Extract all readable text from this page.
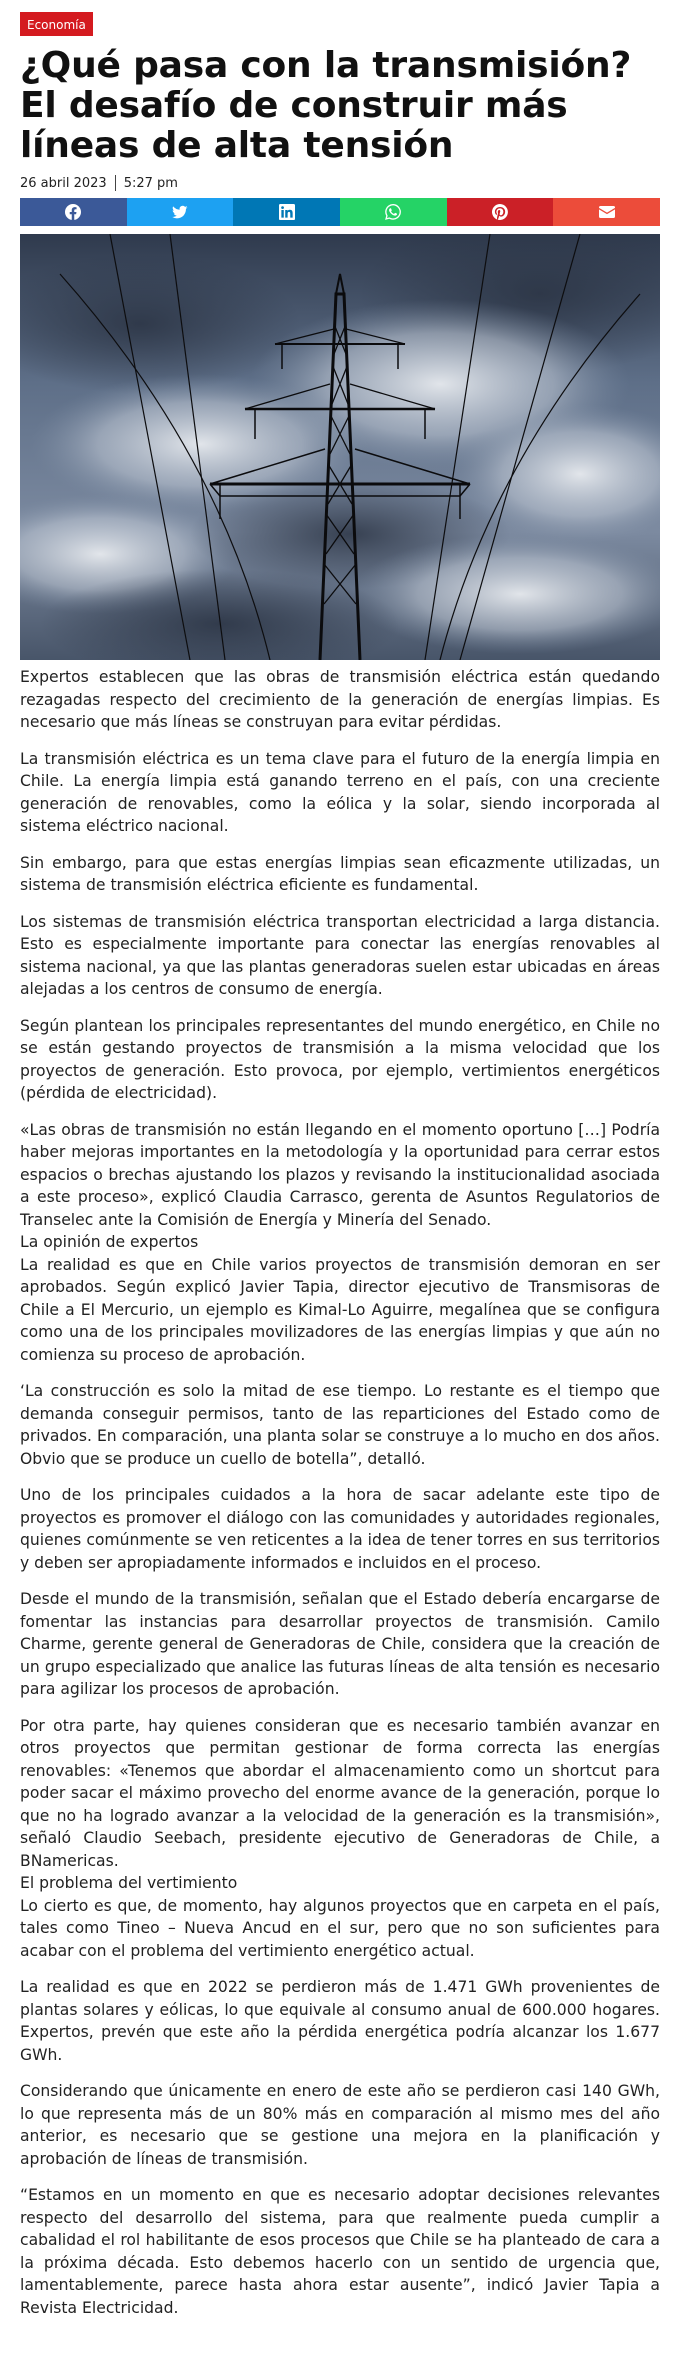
Economía
¿Qué pasa con la transmisión? El desafío de construir más líneas de alta tensión
26 abril 2023 5:27 pm

Expertos establecen que las obras de transmisión eléctrica están quedando rezagadas respecto del crecimiento de la generación de energías limpias. Es necesario que más líneas se construyan para evitar pérdidas.

La transmisión eléctrica es un tema clave para el futuro de la energía limpia en Chile. La energía limpia está ganando terreno en el país, con una creciente generación de renovables, como la eólica y la solar, siendo incorporada al sistema eléctrico nacional.

Sin embargo, para que estas energías limpias sean eficazmente utilizadas, un sistema de transmisión eléctrica eficiente es fundamental.

Los sistemas de transmisión eléctrica transportan electricidad a larga distancia. Esto es especialmente importante para conectar las energías renovables al sistema nacional, ya que las plantas generadoras suelen estar ubicadas en áreas alejadas a los centros de consumo de energía.

Según plantean los principales representantes del mundo energético, en Chile no se están gestando proyectos de transmisión a la misma velocidad que los proyectos de generación. Esto provoca, por ejemplo, vertimientos energéticos (pérdida de electricidad).

«Las obras de transmisión no están llegando en el momento oportuno […] Podría haber mejoras importantes en la metodología y la oportunidad para cerrar estos espacios o brechas ajustando los plazos y revisando la institucionalidad asociada a este proceso», explicó Claudia Carrasco, gerenta de Asuntos Regulatorios de Transelec ante la Comisión de Energía y Minería del Senado.

La opinión de expertos

La realidad es que en Chile varios proyectos de transmisión demoran en ser aprobados. Según explicó Javier Tapia, director ejecutivo de Transmisoras de Chile a El Mercurio, un ejemplo es Kimal-Lo Aguirre, megalínea que se configura como una de los principales movilizadores de las energías limpias y que aún no comienza su proceso de aprobación.

‘La construcción es solo la mitad de ese tiempo. Lo restante es el tiempo que demanda conseguir permisos, tanto de las reparticiones del Estado como de privados. En comparación, una planta solar se construye a lo mucho en dos años. Obvio que se produce un cuello de botella”, detalló.

Uno de los principales cuidados a la hora de sacar adelante este tipo de proyectos es promover el diálogo con las comunidades y autoridades regionales, quienes comúnmente se ven reticentes a la idea de tener torres en sus territorios y deben ser apropiadamente informados e incluidos en el proceso.

Desde el mundo de la transmisión, señalan que el Estado debería encargarse de fomentar las instancias para desarrollar proyectos de transmisión. Camilo Charme, gerente general de Generadoras de Chile, considera que la creación de un grupo especializado que analice las futuras líneas de alta tensión es necesario para agilizar los procesos de aprobación.

Por otra parte, hay quienes consideran que es necesario también avanzar en otros proyectos que permitan gestionar de forma correcta las energías renovables: «Tenemos que abordar el almacenamiento como un shortcut para poder sacar el máximo provecho del enorme avance de la generación, porque lo que no ha logrado avanzar a la velocidad de la generación es la transmisión», señaló Claudio Seebach, presidente ejecutivo de Generadoras de Chile, a BNamericas.

El problema del vertimiento

Lo cierto es que, de momento, hay algunos proyectos que en carpeta en el país, tales como Tineo – Nueva Ancud en el sur, pero que no son suficientes para acabar con el problema del vertimiento energético actual.

La realidad es que en 2022 se perdieron más de 1.471 GWh provenientes de plantas solares y eólicas, lo que equivale al consumo anual de 600.000 hogares. Expertos, prevén que este año la pérdida energética podría alcanzar los 1.677 GWh.

Considerando que únicamente en enero de este año se perdieron casi 140 GWh, lo que representa más de un 80% más en comparación al mismo mes del año anterior, es necesario que se gestione una mejora en la planificación y aprobación de líneas de transmisión.

“Estamos en un momento en que es necesario adoptar decisiones relevantes respecto del desarrollo del sistema, para que realmente pueda cumplir a cabalidad el rol habilitante de esos procesos que Chile se ha planteado de cara a la próxima década. Esto debemos hacerlo con un sentido de urgencia que, lamentablemente, parece hasta ahora estar ausente”, indicó Javier Tapia a Revista Electricidad.
